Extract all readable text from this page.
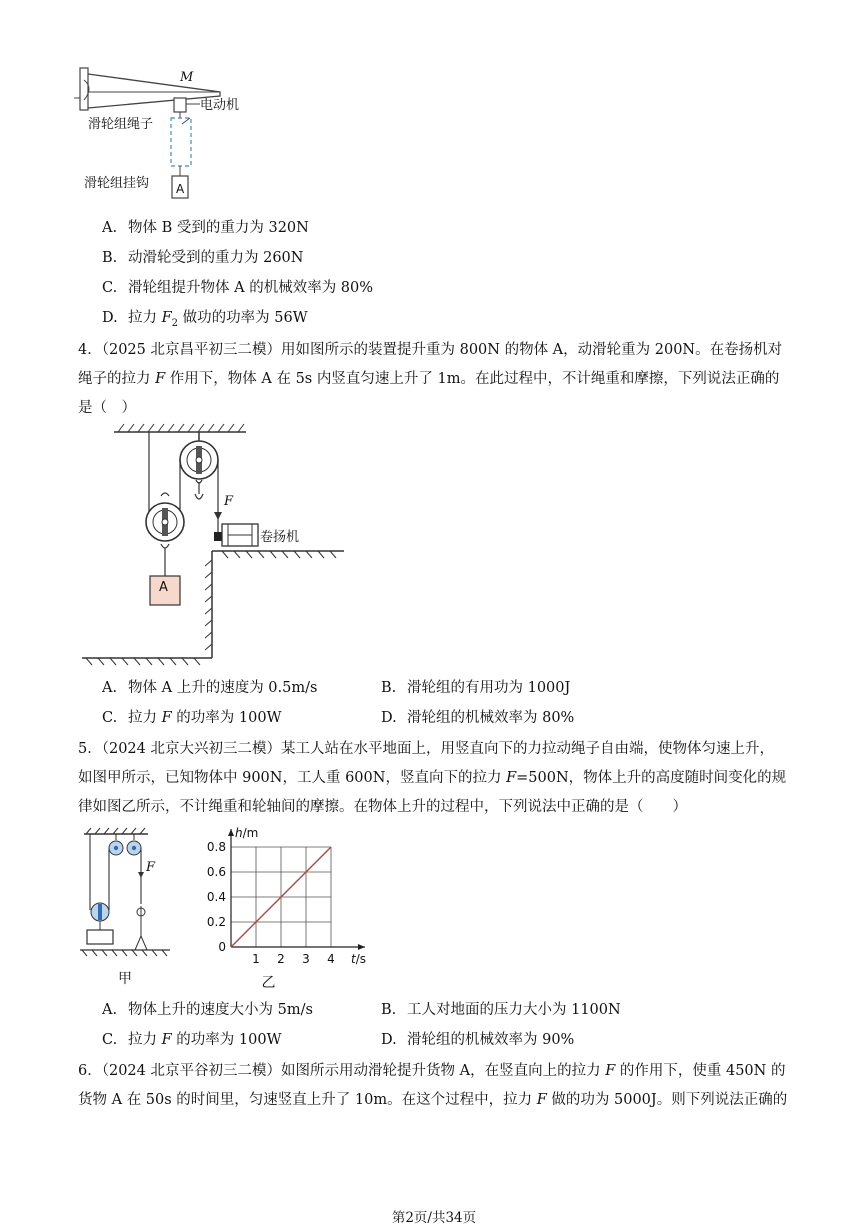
M
电动机
滑轮组绳子
滑轮组挂钩 A
A. 物体 B 受到的重力为 320N
B. 动滑轮受到的重力为 260N
C. 滑轮组提升物体 A 的机械效率为 80%
D. 拉力 $F_2$ 做功的功率为 56W
4．（2025 北京昌平初三二模）用如图所示的装置提升重为 800N 的物体 A，动滑轮重为 200N。在卷扬机对
绳子的拉力 F 作用下，物体 A 在 5s 内竖直匀速上升了 1m。在此过程中，不计绳重和摩擦，下列说法正确的
是（　）
F
卷扬机
A
A. 物体 A 上升的速度为 0.5m/s	B. 滑轮组的有用功为 1000J
C. 拉力 F 的功率为 100W	D. 滑轮组的机械效率为 80%
5．（2024 北京大兴初三二模）某工人站在水平地面上，用竖直向下的力拉动绳子自由端，使物体匀速上升，
如图甲所示，已知物体中 900N，工人重 600N，竖直向下的拉力 F=500N，物体上升的高度随时间变化的规
律如图乙所示，不计绳重和轮轴间的摩擦。在物体上升的过程中，下列说法中正确的是（　　）
F
甲
0.8
0.6
0.4
0.2
0
1 2 3 4
h/m
t/s
乙
A. 物体上升的速度大小为 5m/s	B. 工人对地面的压力大小为 1100N
C. 拉力 F 的功率为 100W	D. 滑轮组的机械效率为 90%
6．（2024 北京平谷初三二模）如图所示用动滑轮提升货物 A，在竖直向上的拉力 F 的作用下，使重 450N 的
货物 A 在 50s 的时间里，匀速竖直上升了 10m。在这个过程中，拉力 F 做的功为 5000J。则下列说法正确的
第2页/共34页
